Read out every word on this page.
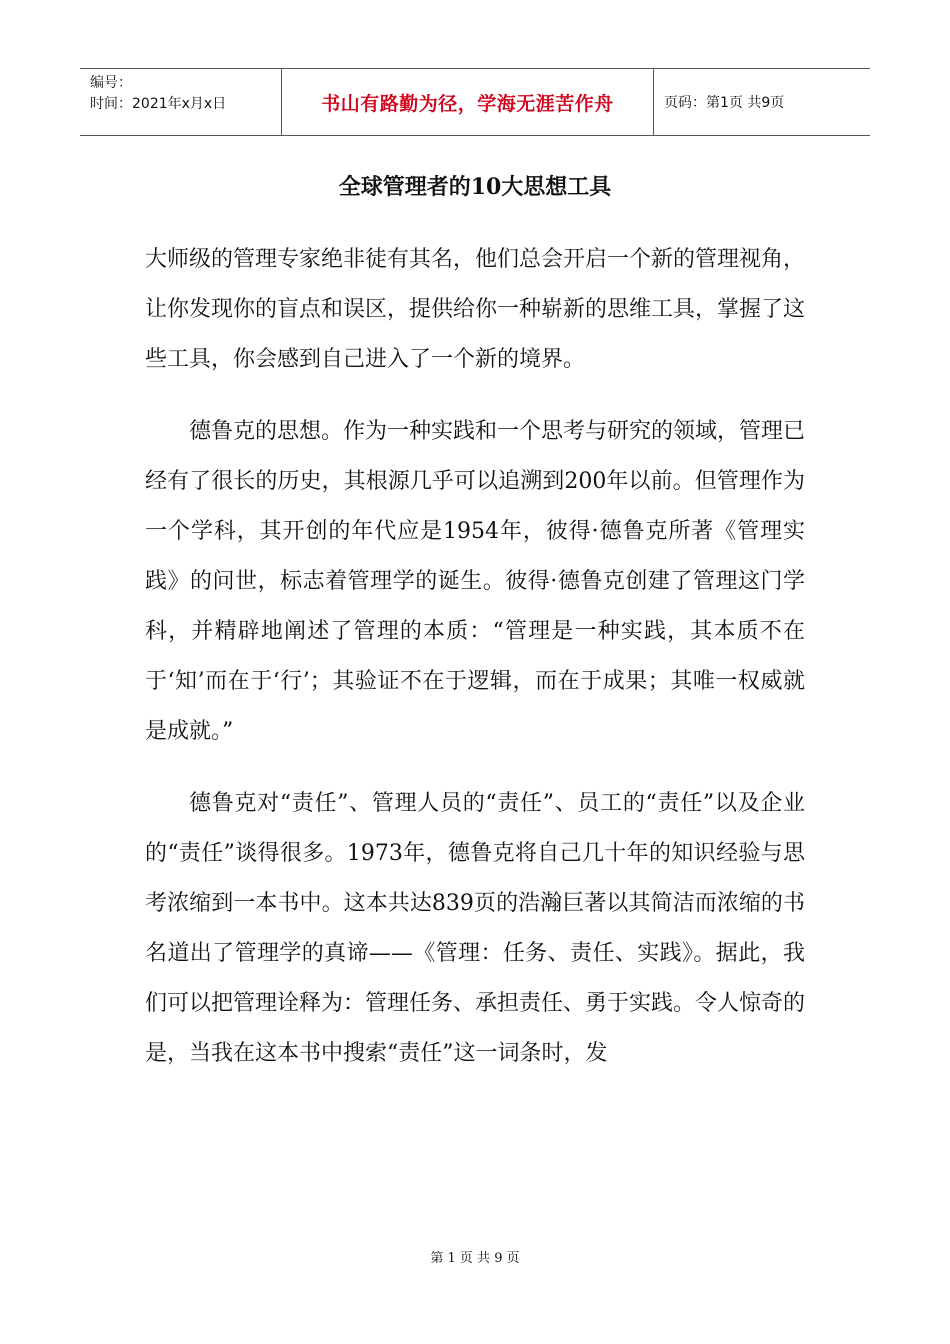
编号：
时间：2021年x月x日	书山有路勤为径，学海无涯苦作舟	页码：第1页 共9页
全球管理者的10大思想工具

大师级的管理专家绝非徒有其名，他们总会开启一个新的管理视角，让你发现你的盲点和误区，提供给你一种崭新的思维工具，掌握了这些工具，你会感到自己进入了一个新的境界。

德鲁克的思想。作为一种实践和一个思考与研究的领域，管理已经有了很长的历史，其根源几乎可以追溯到200年以前。但管理作为一个学科，其开创的年代应是1954年，彼得·德鲁克所著《管理实践》的问世，标志着管理学的诞生。彼得·德鲁克创建了管理这门学科，并精辟地阐述了管理的本质：“管理是一种实践，其本质不在于‘知’而在于‘行’；其验证不在于逻辑，而在于成果；其唯一权威就是成就。”

德鲁克对“责任”、管理人员的“责任”、员工的“责任”以及企业的“责任”谈得很多。1973年，德鲁克将自己几十年的知识经验与思考浓缩到一本书中。这本共达839页的浩瀚巨著以其简洁而浓缩的书名道出了管理学的真谛——《管理：任务、责任、实践》。据此，我们可以把管理诠释为：管理任务、承担责任、勇于实践。令人惊奇的是，当我在这本书中搜索“责任”这一词条时，发

第 1 页 共 9 页
